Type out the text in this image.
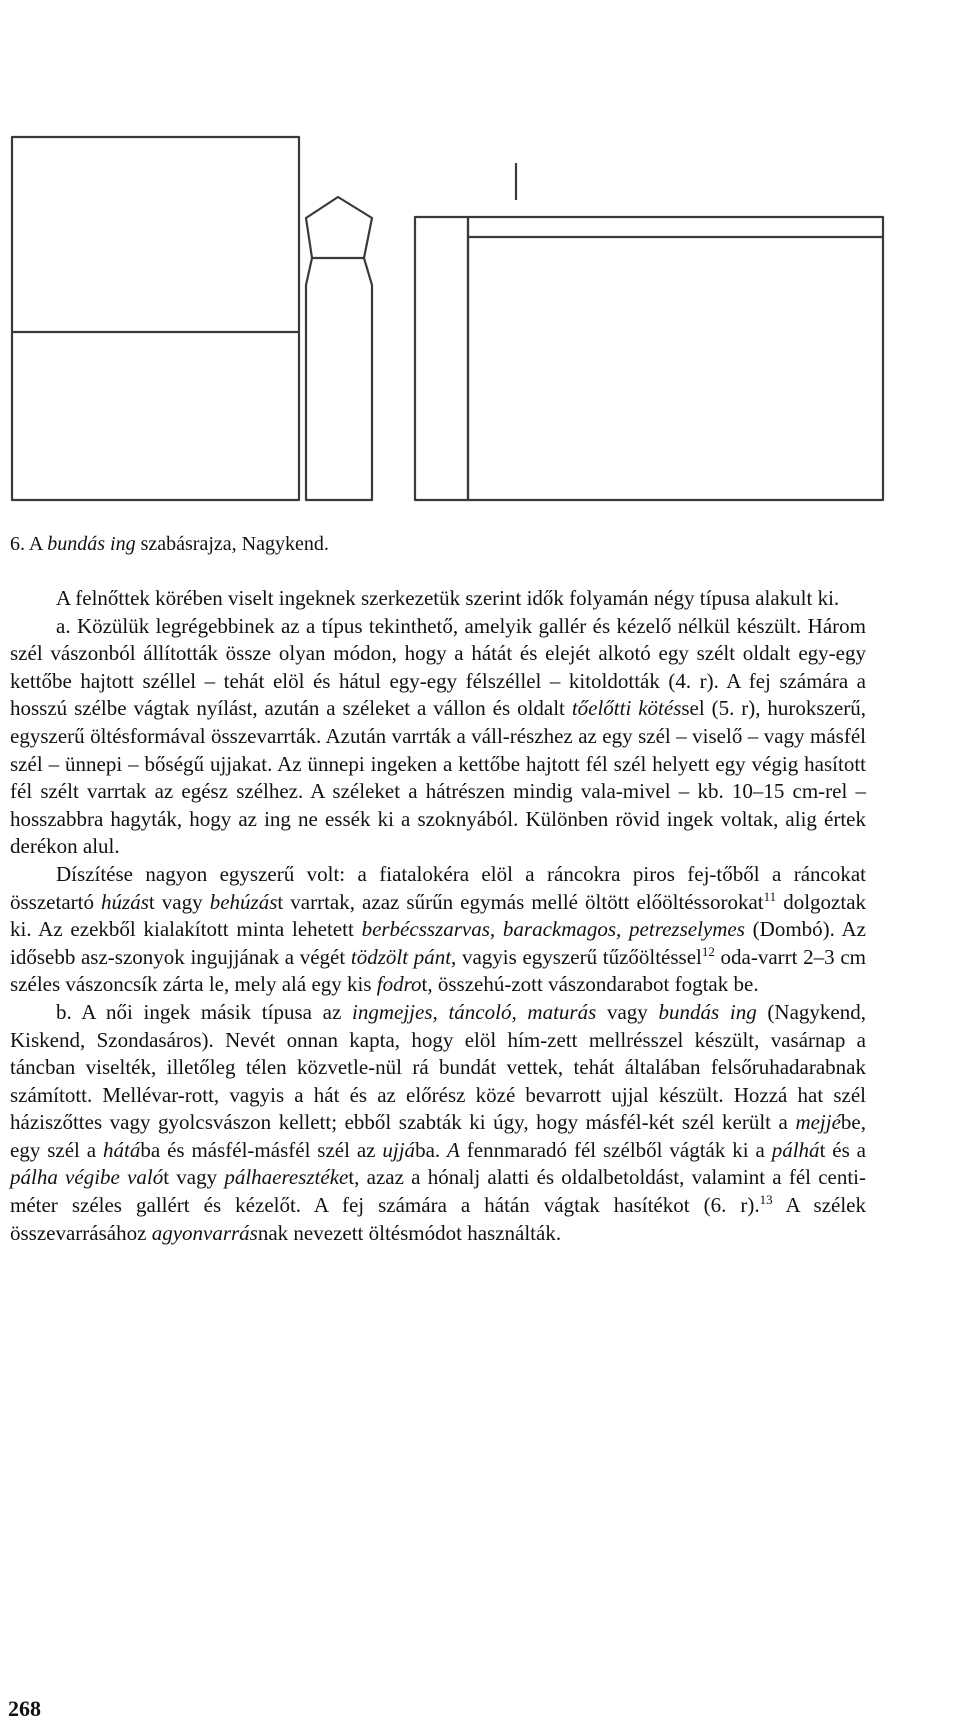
6. A bundás ing szabásrajza, Nagykend.

A felnőttek körében viselt ingeknek szerkezetük szerint idők folyamán négy típusa alakult ki.

a. Közülük legrégebbinek az a típus tekinthető, amelyik gallér és kézelő nélkül készült. Három szél vászonból állították össze olyan módon, hogy a hátát és elejét alkotó egy szélt oldalt egy-egy kettőbe hajtott széllel – tehát elöl és hátul egy-egy félszéllel – kitoldották (4. r). A fej számára a hosszú szélbe vágtak nyílást, azután a széleket a vállon és oldalt tőelőtti kötéssel (5. r), hurokszerű, egyszerű öltésformával összevarrták. Azután varrták a váll-részhez az egy szél – viselő – vagy másfél szél – ünnepi – bőségű ujjakat. Az ünnepi ingeken a kettőbe hajtott fél szél helyett egy végig hasított fél szélt varrtak az egész szélhez. A széleket a hátrészen mindig vala-mivel – kb. 10–15 cm-rel – hosszabbra hagyták, hogy az ing ne essék ki a szoknyából. Különben rövid ingek voltak, alig értek derékon alul.

Díszítése nagyon egyszerű volt: a fiatalokéra elöl a ráncokra piros fej-tőből a ráncokat összetartó húzást vagy behúzást varrtak, azaz sűrűn egymás mellé öltött előöltéssorokat$^{11}$ dolgoztak ki. Az ezekből kialakított minta lehetett berbécsszarvas, barackmagos, petrezselymes (Dombó). Az idősebb asz-szonyok ingujjának a végét tödzölt pánt, vagyis egyszerű tűzőöltéssel$^{12}$ oda-varrt 2–3 cm széles vászoncsík zárta le, mely alá egy kis fodrot, összehú-zott vászondarabot fogtak be.

b. A női ingek másik típusa az ingmejjes, táncoló, maturás vagy bundás ing (Nagykend, Kiskend, Szondasáros). Nevét onnan kapta, hogy elöl hím-zett mellrésszel készült, vasárnap a táncban viselték, illetőleg télen közvetle-nül rá bundát vettek, tehát általában felsőruhadarabnak számított. Mellévar-rott, vagyis a hát és az előrész közé bevarrott ujjal készült. Hozzá hat szél háziszőttes vagy gyolcsvászon kellett; ebből szabták ki úgy, hogy másfél-két szél került a mejjébe, egy szél a hátába és másfél-másfél szél az ujjába. A fennmaradó fél szélből vágták ki a pálhát és a pálha végibe valót vagy pálhaeresztéket, azaz a hónalj alatti és oldalbetoldást, valamint a fél centi-méter széles gallért és kézelőt. A fej számára a hátán vágtak hasítékot (6. r).$^{13}$ A szélek összevarrásához agyonvarrásnak nevezett öltésmódot használták.

268
